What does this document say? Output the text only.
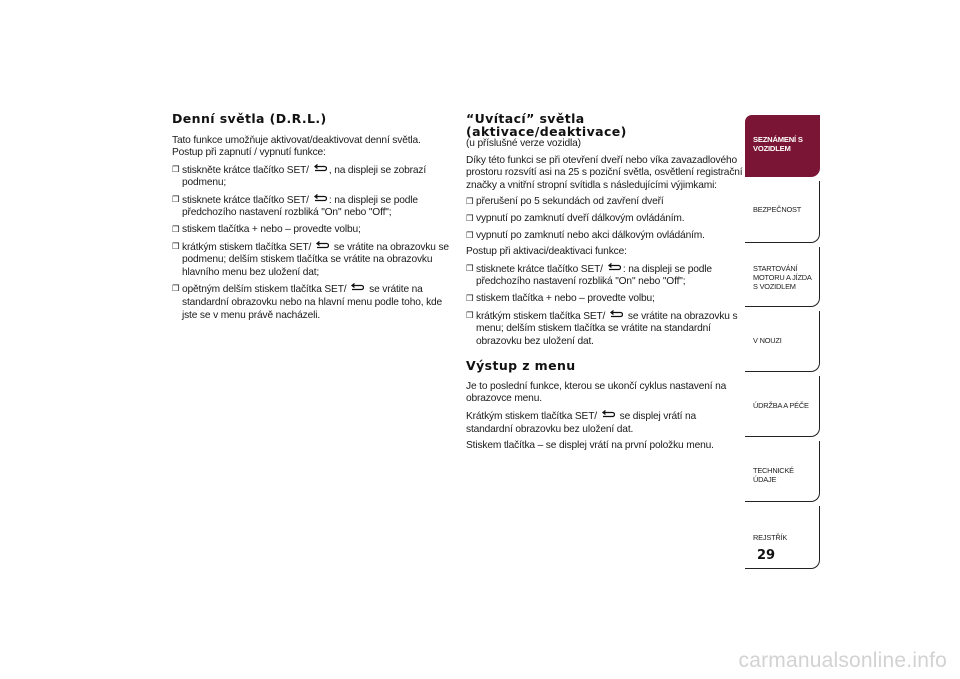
Denní světla (D.R.L.)

Tato funkce umožňuje aktivovat/deaktivovat denní světla.

Postup při zapnutí / vypnutí funkce:

❒ stiskněte krátce tlačítko SET/ , na displeji se zobrazí podmenu;
❒ stisknete krátce tlačítko SET/ : na displeji se podle předchozího nastavení rozbliká "On" nebo "Off";
❒ stiskem tlačítka + nebo – provedte volbu;
❒ krátkým stiskem tlačítka SET/
se vrátite na obrazovku se podmenu; delším stiskem tlačítka se vrátite na obrazovku hlavního menu bez uložení dat;
❒ opětným delším stiskem tlačítka SET/
se vrátite na standardní obrazovku nebo na hlavní menu podle toho, kde jste se v menu právě nacházeli.
“Uvítací” světla
(aktivace/deaktivace)

(u příslušné verze vozidla)

Díky této funkci se při otevření dveří nebo víka zavazadlového prostoru rozsvítí asi na 25 s poziční světla, osvětlení registrační značky a vnitřní stropní svítidla s následujícími výjimkami:

❒ přerušení po 5 sekundách od zavření dveří
❒ vypnutí po zamknutí dveří dálkovým ovládáním.
❒ vypnutí po zamknutí nebo akci dálkovým ovládáním.

Postup při aktivaci/deaktivaci funkce:

❒ stisknete krátce tlačítko SET/ : na displeji se podle předchozího nastavení rozbliká "On" nebo "Off";
❒ stiskem tlačítka + nebo – provedte volbu;
❒ krátkým stiskem tlačítka SET/
se vrátite na obrazovku s menu; delším stiskem tlačítka se vrátite na standardní obrazovku bez uložení dat.
Výstup z menu

Je to poslední funkce, kterou se ukončí cyklus nastavení na obrazovce menu.

Krátkým stiskem tlačítka SET/
se displej vrátí na standardní obrazovku bez uložení dat.

Stiskem tlačítka – se displej vrátí na první položku menu.

SEZNÁMENÍ S VOZIDLEM
BEZPEČNOST
STARTOVÁNÍ MOTORU A JÍZDA S VOZIDLEM
V NOUZI
ÚDRŽBA A PÉČE
TECHNICKÉ ÚDAJE
REJSTŘÍK
29
carmanualsonline.info
